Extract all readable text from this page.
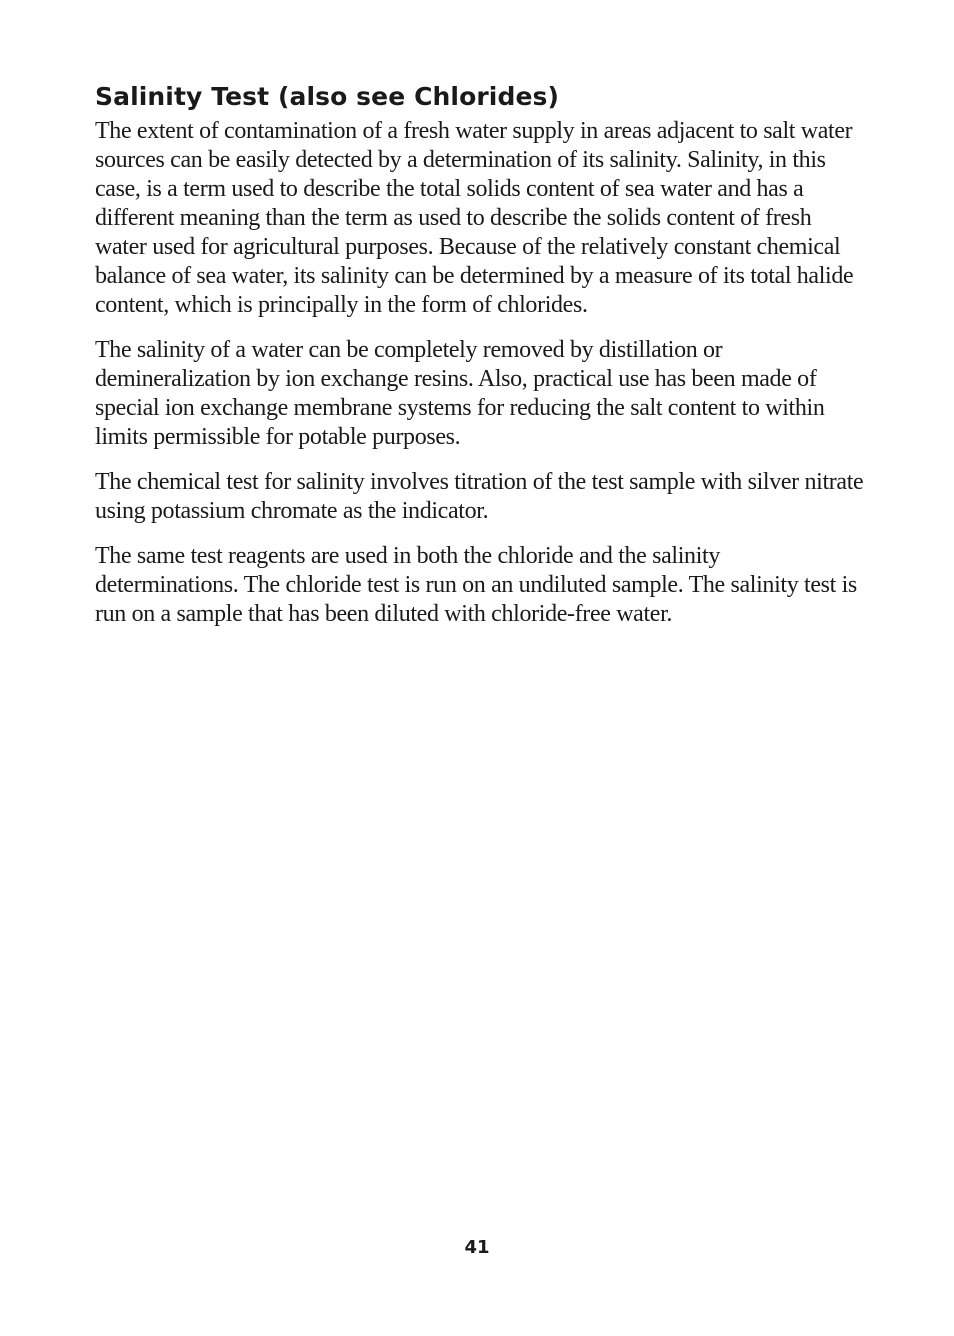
Salinity Test (also see Chlorides)

The extent of contamination of a fresh water supply in areas adjacent to salt water sources can be easily detected by a determination of its salinity. Salinity, in this case, is a term used to describe the total solids content of sea water and has a different meaning than the term as used to describe the solids content of fresh water used for agricultural purposes. Because of the relatively constant chemical balance of sea water, its salinity can be determined by a measure of its total halide content, which is principally in the form of chlorides.

The salinity of a water can be completely removed by distillation or demineralization by ion exchange resins. Also, practical use has been made of special ion exchange membrane systems for reducing the salt content to within limits permissible for potable purposes.

The chemical test for salinity involves titration of the test sample with silver nitrate using potassium chromate as the indicator.

The same test reagents are used in both the chloride and the salinity determinations. The chloride test is run on an undiluted sample. The salinity test is run on a sample that has been diluted with chloride-free water.

41
